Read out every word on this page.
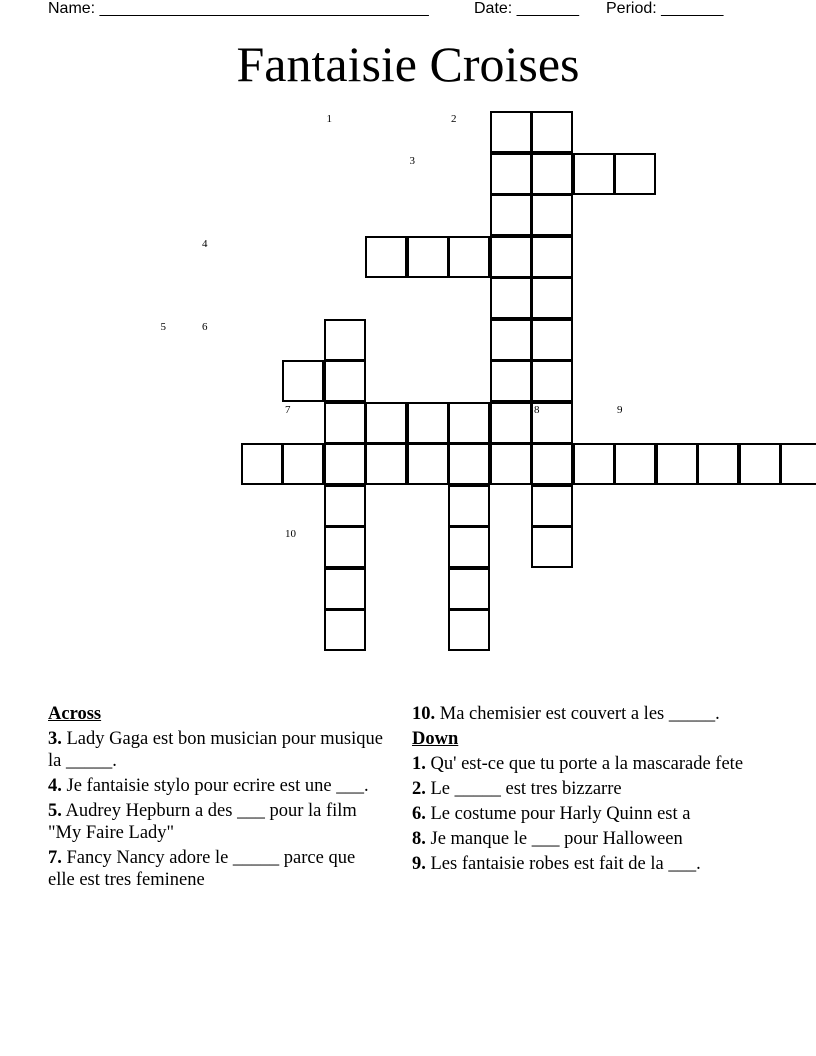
Name: _____________________________________	Date: _______ Period: _______
Fantaisie Croises
1	2
3
4
5	6
7	8	9
10
Across
3. Lady Gaga est bon musician pour musique la _____.
4. Je fantaisie stylo pour ecrire est une ___.
5. Audrey Hepburn a des ___ pour la film "My Faire Lady"
7. Fancy Nancy adore le _____ parce que elle est tres feminene
10. Ma chemisier est couvert a les _____.
Down
1. Qu' est-ce que tu porte a la mascarade fete
2. Le _____ est tres bizzarre
6. Le costume pour Harly Quinn est a
8. Je manque le ___ pour Halloween
9. Les fantaisie robes est fait de la ___.
